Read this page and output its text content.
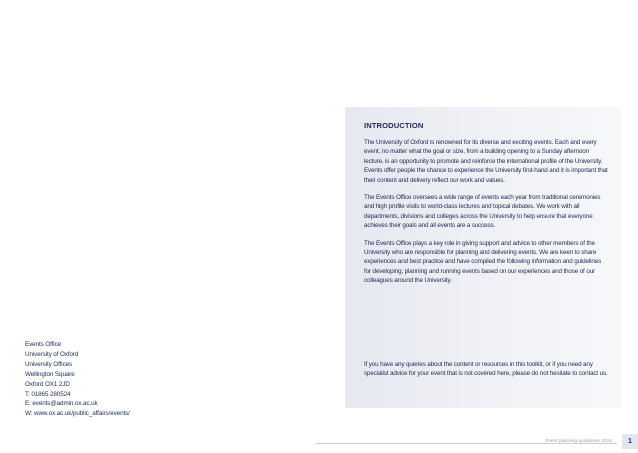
Events Office
University of Oxford
University Offices
Wellington Square
Oxford OX1 2JD
T: 01865 280524
E: events@admin.ox.ac.uk
W: www.ox.ac.uk/public_affairs/events/
INTRODUCTION

The University of Oxford is renowned for its diverse and exciting events. Each and every event, no matter what the goal or size, from a building opening to a Sunday afternoon lecture, is an opportunity to promote and reinforce the international profile of the University. Events offer people the chance to experience the University first-hand and it is important that their content and delivery reflect our work and values.

The Events Office oversees a wide range of events each year from traditional ceremonies and high profile visits to world-class lectures and topical debates. We work with all departments, divisions and colleges across the University to help ensure that everyone achieves their goals and all events are a success.

The Events Office plays a key role in giving support and advice to other members of the University who are responsible for planning and delivering events. We are keen to share experiences and best practice and have compiled the following information and guidelines for developing, planning and running events based on our experiences and those of our colleagues around the University.

If you have any queries about the content or resources in this toolkit, or if you need any specialist advice for your event that is not covered here, please do not hesitate to contact us.

Event planning guidelines 2016	1
